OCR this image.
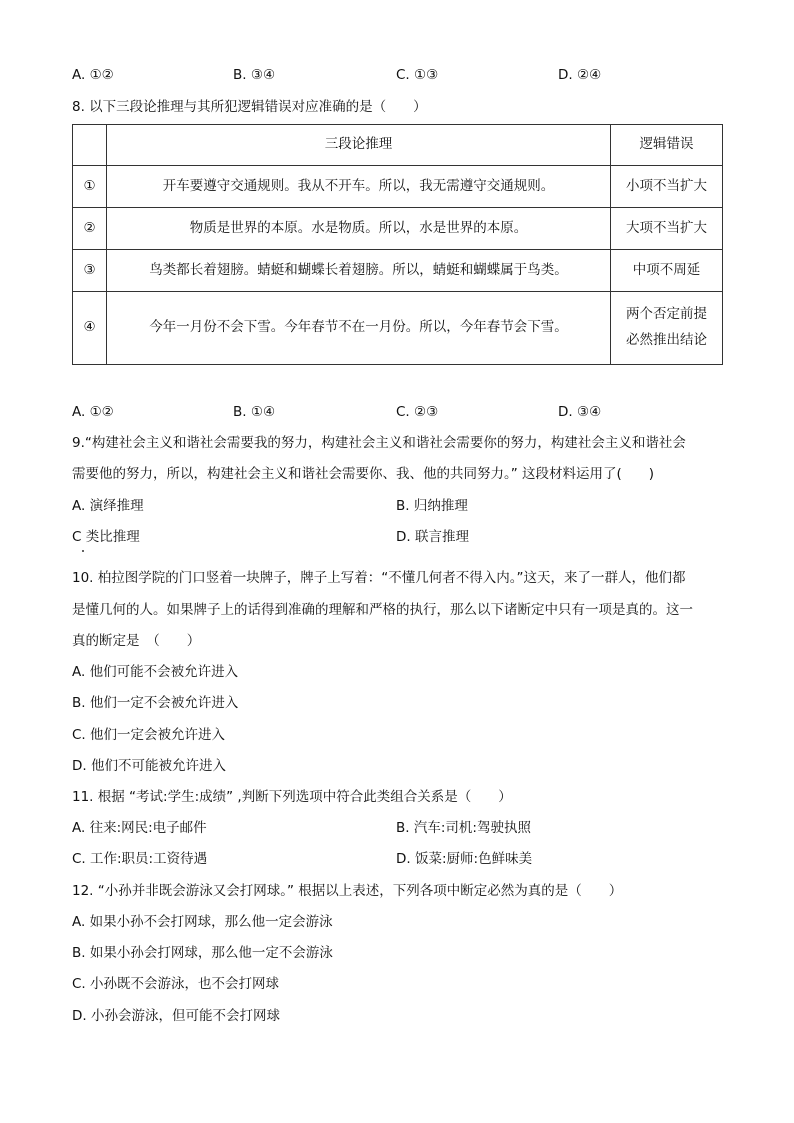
A. ①②	B. ③④	C. ①③	D. ②④
8. 以下三段论推理与其所犯逻辑错误对应准确的是（　　）
	三段论推理	逻辑错误
①	开车要遵守交通规则。我从不开车。所以，我无需遵守交通规则。	小项不当扩大
②	物质是世界的本原。水是物质。所以，水是世界的本原。	大项不当扩大
③	鸟类都长着翅膀。蜻蜓和蝴蝶长着翅膀。所以，蜻蜓和蝴蝶属于鸟类。	中项不周延
④	今年一月份不会下雪。今年春节不在一月份。所以，今年春节会下雪。	两个否定前提
必然推出结论
A. ①②	B. ①④	C. ②③	D. ③④
9.“构建社会主义和谐社会需要我的努力，构建社会主义和谐社会需要你的努力，构建社会主义和谐社会
需要他的努力，所以，构建社会主义和谐社会需要你、我、他的共同努力。” 这段材料运用了(　　)
A. 演绎推理	B. 归纳推理
C 类比推理	D. 联言推理
10. 柏拉图学院的门口竖着一块牌子，牌子上写着：“不懂几何者不得入内。”这天，来了一群人，他们都
是懂几何的人。如果牌子上的话得到准确的理解和严格的执行，那么以下诸断定中只有一项是真的。这一
真的断定是　（　　）
A. 他们可能不会被允许进入
B. 他们一定不会被允许进入
C. 他们一定会被允许进入
D. 他们不可能被允许进入
11. 根据 “考试:学生:成绩” ,判断下列选项中符合此类组合关系是（　　）
A. 往来:网民:电子邮件	B. 汽车:司机:驾驶执照
C. 工作:职员:工资待遇	D. 饭菜:厨师:色鲜味美
12. “小孙并非既会游泳又会打网球。” 根据以上表述，下列各项中断定必然为真的是（　　）
A. 如果小孙不会打网球，那么他一定会游泳
B. 如果小孙会打网球，那么他一定不会游泳
C. 小孙既不会游泳，也不会打网球
D. 小孙会游泳，但可能不会打网球
